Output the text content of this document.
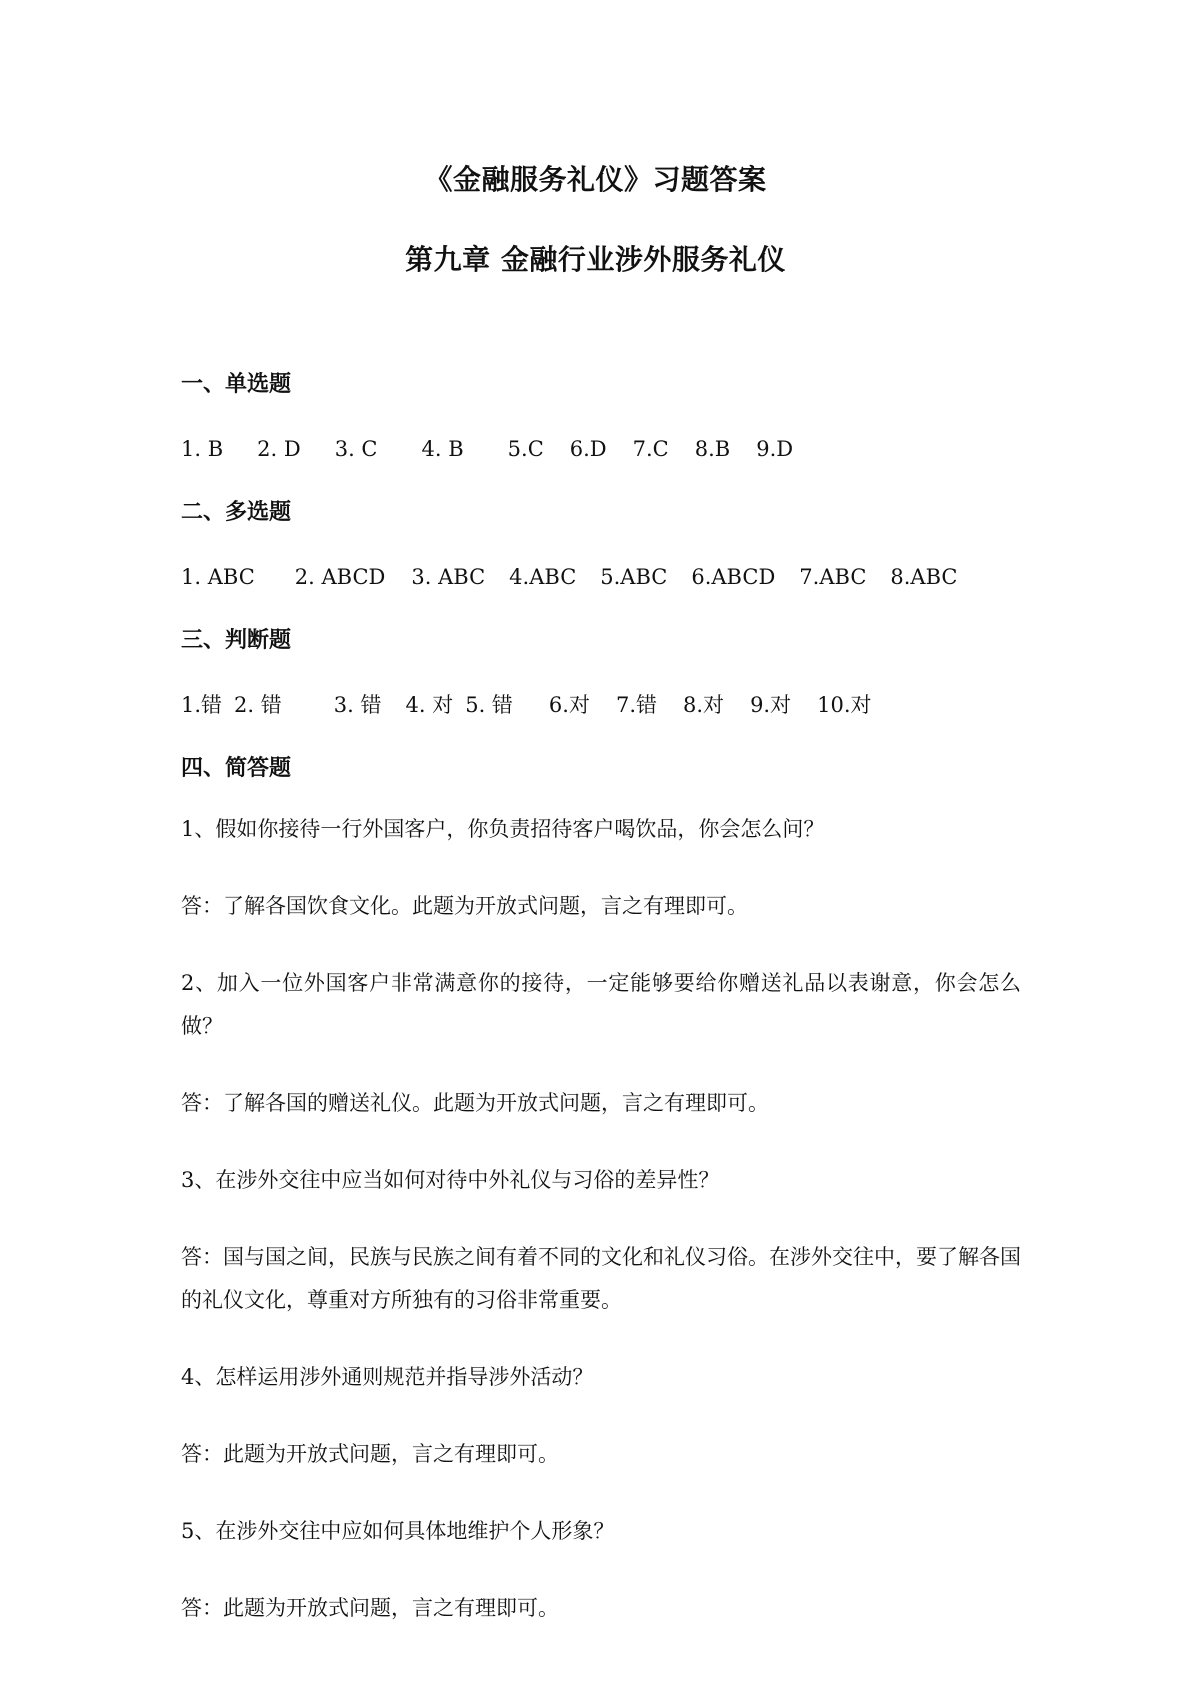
《金融服务礼仪》习题答案
第九章 金融行业涉外服务礼仪
一、单选题
1. B 2. D 3. C 4. B 5.C 6.D 7.C 8.B 9.D
二、多选题
1. ABC 2. ABCD 3. ABC 4.ABC 5.ABC 6.ABCD 7.ABC 8.ABC
三、判断题
1.错 2. 错 3. 错 4. 对 5. 错 6.对 7.错 8.对 9.对 10.对
四、简答题

1、假如你接待一行外国客户，你负责招待客户喝饮品，你会怎么问？

答：了解各国饮食文化。此题为开放式问题，言之有理即可。

2、加入一位外国客户非常满意你的接待，一定能够要给你赠送礼品以表谢意，你会怎么做？

答：了解各国的赠送礼仪。此题为开放式问题，言之有理即可。

3、在涉外交往中应当如何对待中外礼仪与习俗的差异性？

答：国与国之间，民族与民族之间有着不同的文化和礼仪习俗。在涉外交往中，要了解各国的礼仪文化，尊重对方所独有的习俗非常重要。

4、怎样运用涉外通则规范并指导涉外活动？

答：此题为开放式问题，言之有理即可。

5、在涉外交往中应如何具体地维护个人形象？

答：此题为开放式问题，言之有理即可。
